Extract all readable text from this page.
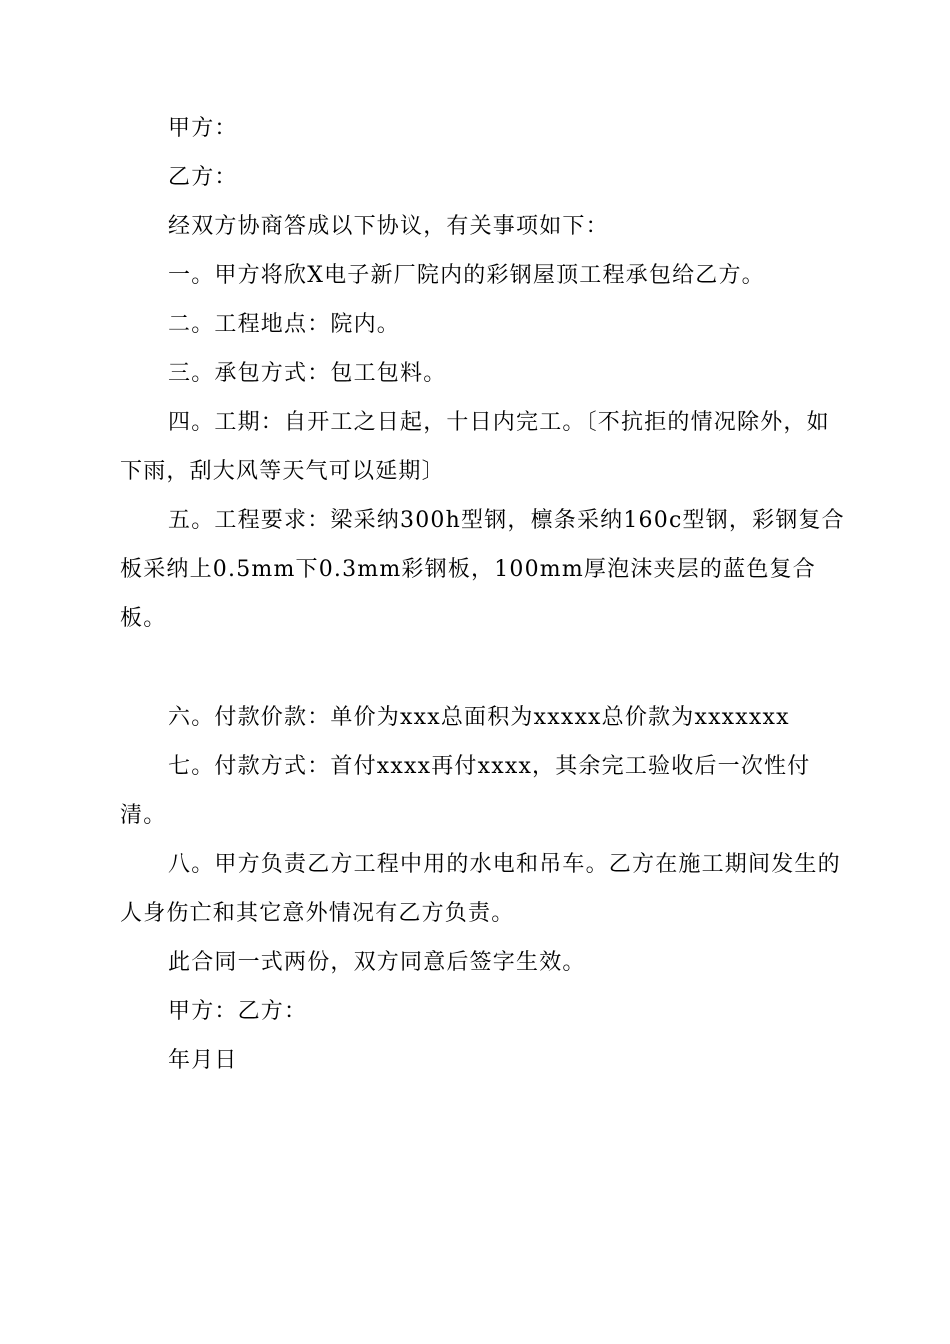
甲方：

乙方：

经双方协商答成以下协议，有关事项如下：

一。甲方将欣X电子新厂院内的彩钢屋顶工程承包给乙方。

二。工程地点：院内。

三。承包方式：包工包料。

四。工期：自开工之日起，十日内完工。〔不抗拒的情况除外，如下雨，刮大风等天气可以延期〕

五。工程要求：梁采纳300h型钢，檩条采纳160c型钢，彩钢复合板采纳上0.5mm下0.3mm彩钢板，100mm厚泡沫夹层的蓝色复合板。

六。付款价款：单价为xxx总面积为xxxxx总价款为xxxxxxx

七。付款方式：首付xxxx再付xxxx，其余完工验收后一次性付清。

八。甲方负责乙方工程中用的水电和吊车。乙方在施工期间发生的人身伤亡和其它意外情况有乙方负责。

此合同一式两份，双方同意后签字生效。

甲方：乙方：

年月日
